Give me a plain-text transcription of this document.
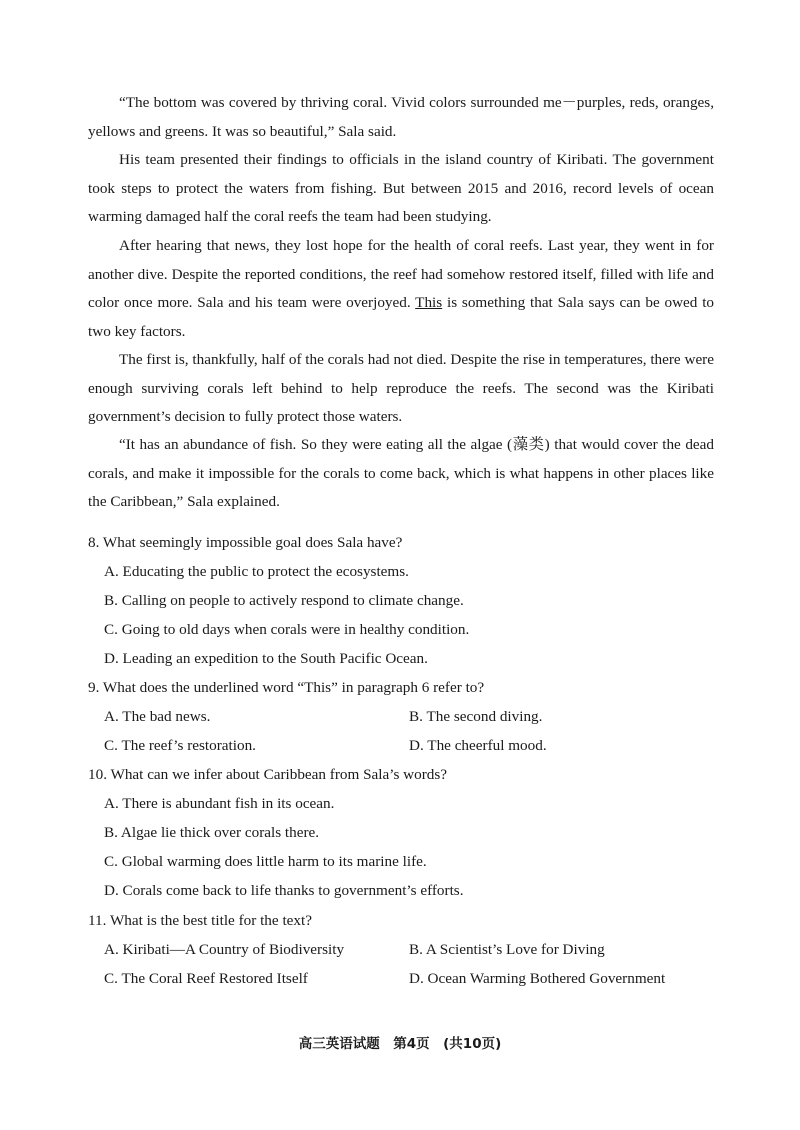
“The bottom was covered by thriving coral. Vivid colors surrounded me－purples, reds, oranges, yellows and greens. It was so beautiful,” Sala said.

His team presented their findings to officials in the island country of Kiribati. The government took steps to protect the waters from fishing. But between 2015 and 2016, record levels of ocean warming damaged half the coral reefs the team had been studying.

After hearing that news, they lost hope for the health of coral reefs. Last year, they went in for another dive. Despite the reported conditions, the reef had somehow restored itself, filled with life and color once more. Sala and his team were overjoyed. This is something that Sala says can be owed to two key factors.

The first is, thankfully, half of the corals had not died. Despite the rise in temperatures, there were enough surviving corals left behind to help reproduce the reefs. The second was the Kiribati government’s decision to fully protect those waters.

“It has an abundance of fish. So they were eating all the algae (藻类) that would cover the dead corals, and make it impossible for the corals to come back, which is what happens in other places like the Caribbean,” Sala explained.

8. What seemingly impossible goal does Sala have?

A. Educating the public to protect the ecosystems.

B. Calling on people to actively respond to climate change.

C. Going to old days when corals were in healthy condition.

D. Leading an expedition to the South Pacific Ocean.

9. What does the underlined word “This” in paragraph 6 refer to?

A. The bad news.	B. The second diving.

C. The reef’s restoration.	D. The cheerful mood.

10. What can we infer about Caribbean from Sala’s words?

A. There is abundant fish in its ocean.

B. Algae lie thick over corals there.

C. Global warming does little harm to its marine life.

D. Corals come back to life thanks to government’s efforts.

11. What is the best title for the text?

A. Kiribati—A Country of Biodiversity	B. A Scientist’s Love for Diving

C. The Coral Reef Restored Itself	D. Ocean Warming Bothered Government

高三英语试题　第4页　(共10页)
